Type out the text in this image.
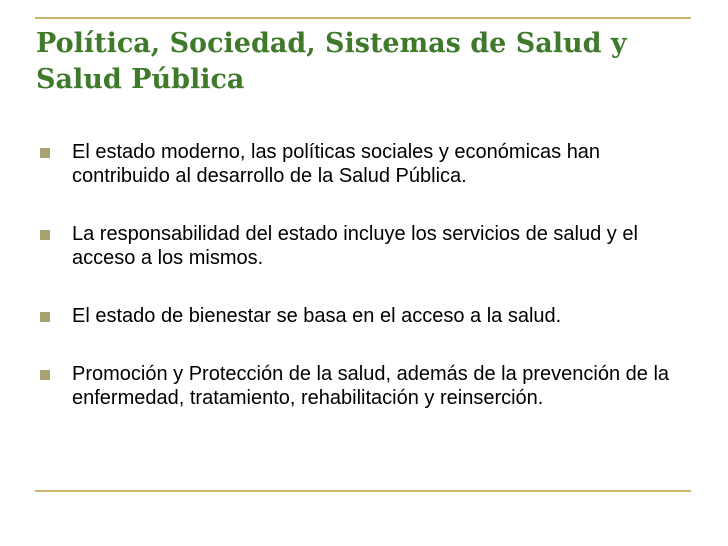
Política, Sociedad, Sistemas de Salud y Salud Pública
El estado moderno, las políticas sociales y económicas han contribuido al desarrollo de la Salud Pública.
La responsabilidad del estado incluye los servicios de salud y el acceso a los mismos.
El estado de bienestar se basa en el acceso a la salud.
Promoción y Protección de la salud, además de la prevención de la enfermedad, tratamiento, rehabilitación y reinserción.
